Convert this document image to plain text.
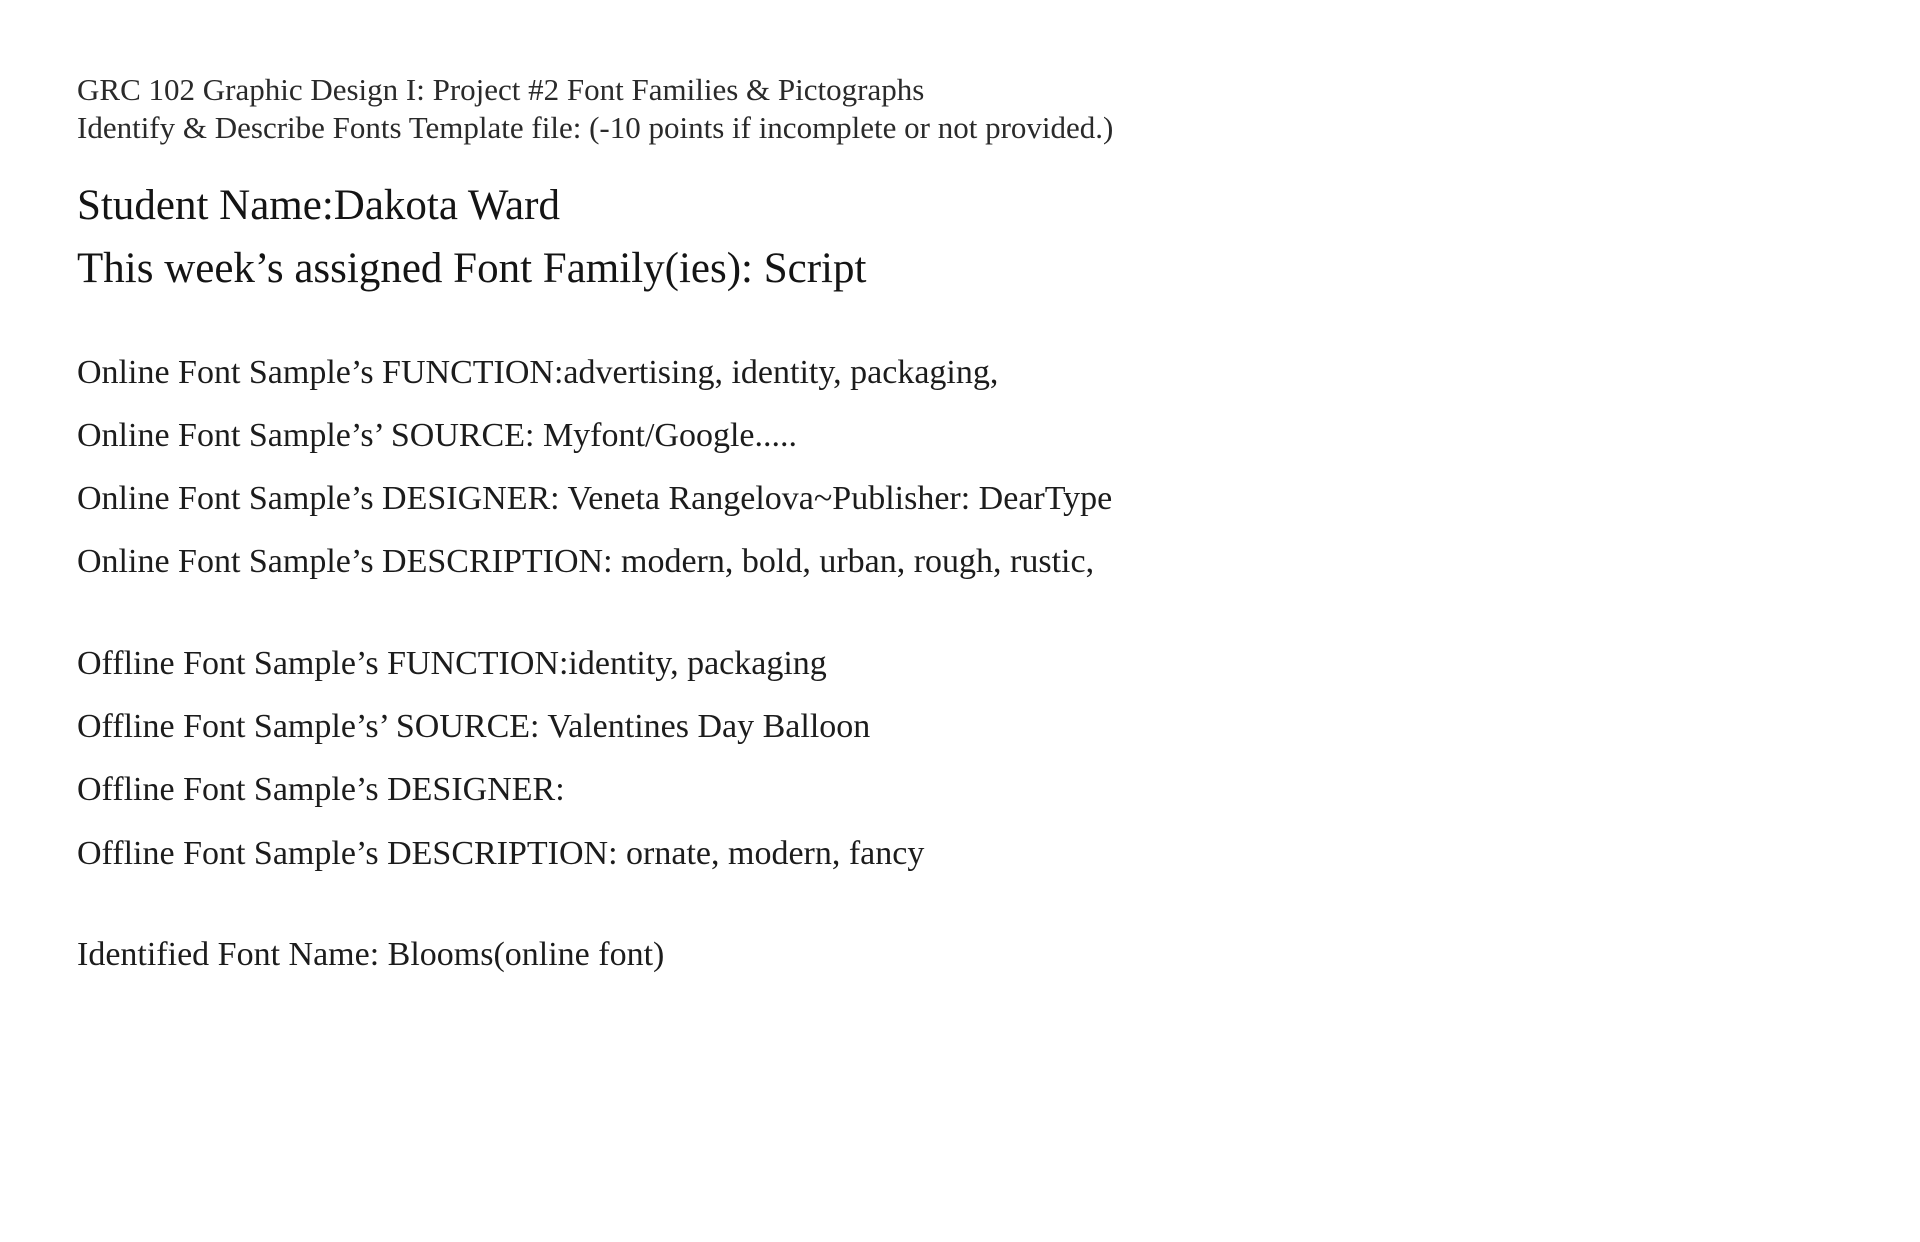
GRC 102 Graphic Design I: Project #2 Font Families & Pictographs
Identify & Describe Fonts Template file: (-10 points if incomplete or not provided.)
Student Name:Dakota Ward
This week’s assigned Font Family(ies): Script
Online Font Sample’s FUNCTION:advertising, identity, packaging,
Online Font Sample’s’ SOURCE: Myfont/Google.....
Online Font Sample’s DESIGNER: Veneta Rangelova~Publisher: DearType
Online Font Sample’s DESCRIPTION: modern, bold, urban, rough, rustic,
Offline Font Sample’s FUNCTION:identity, packaging
Offline Font Sample’s’ SOURCE: Valentines Day Balloon
Offline Font Sample’s DESIGNER:
Offline Font Sample’s DESCRIPTION: ornate, modern, fancy
Identified Font Name: Blooms(online font)
